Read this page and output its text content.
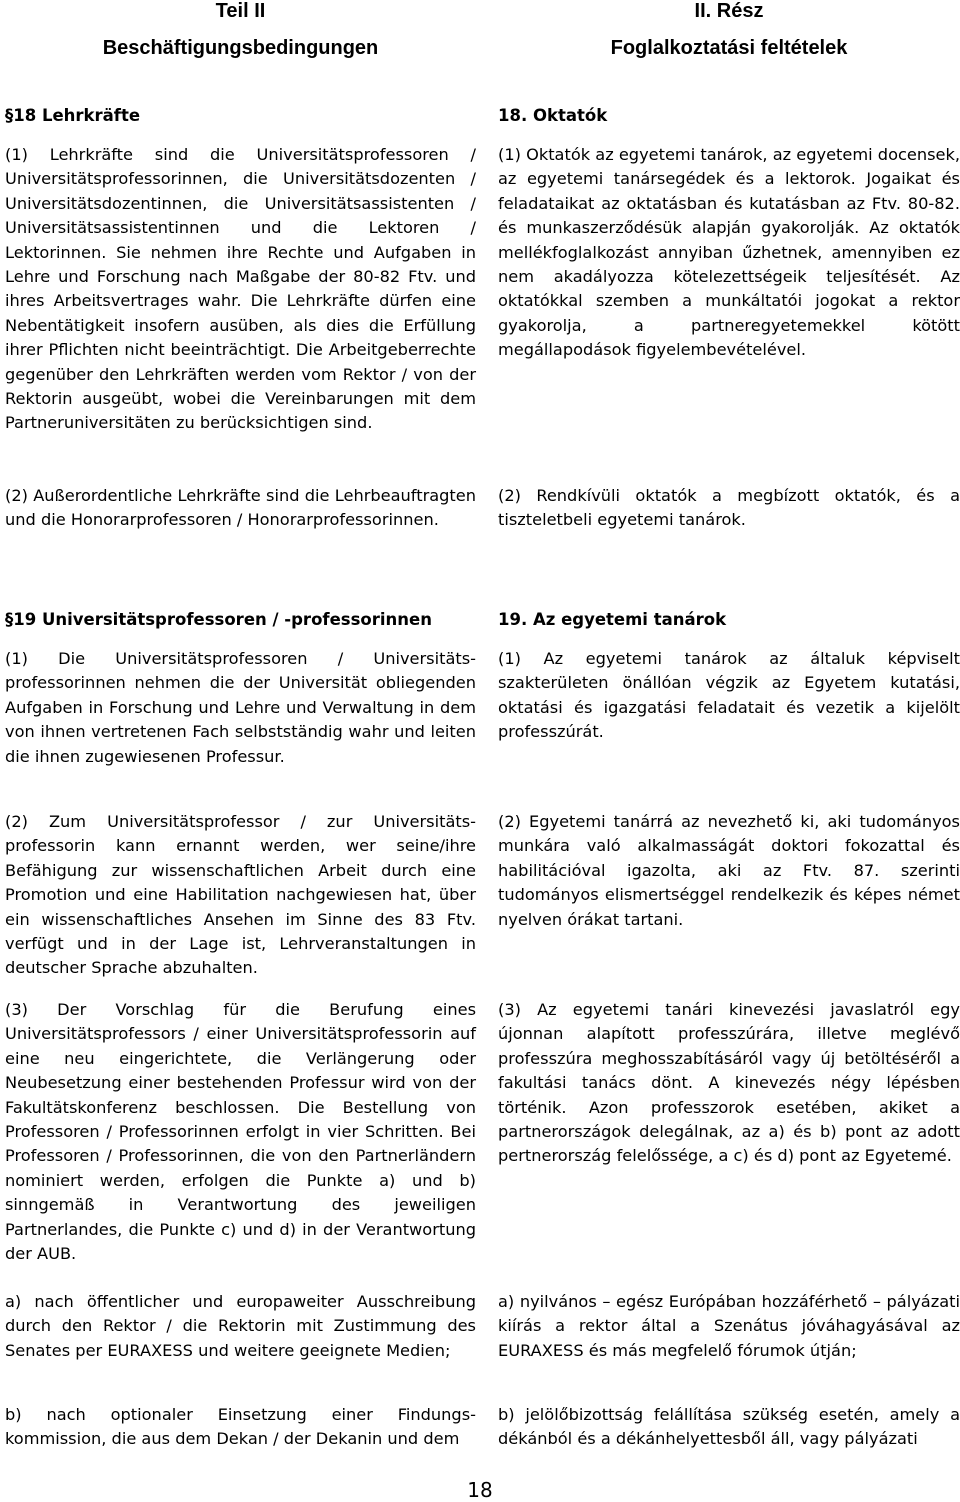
Teil II
Beschäftigungsbedingungen
II. Rész
Foglalkoztatási feltételek
§18 Lehrkräfte

(1) Lehrkräfte sind die Universitätsprofessoren / Universitätsprofessorinnen, die Universitätsdozenten / Universitätsdozentinnen, die Universitätsassistenten / Universitätsassistentinnen und die Lektoren / Lektorinnen. Sie nehmen ihre Rechte und Aufgaben in Lehre und Forschung nach Maßgabe der 80-82 Ftv. und ihres Arbeitsvertrages wahr. Die Lehrkräfte dürfen eine Nebentätigkeit insofern ausüben, als dies die Erfüllung ihrer Pflichten nicht beeinträchtigt. Die Arbeitgeberrechte gegenüber den Lehrkräften werden vom Rektor / von der Rektorin ausgeübt, wobei die Vereinbarungen mit dem Partneruniversitäten zu berücksichtigen sind.

(2) Außerordentliche Lehrkräfte sind die Lehrbeauftragten und die Honorarprofessoren / Honorarprofessorinnen.

18. Oktatók

(1) Oktatók az egyetemi tanárok, az egyetemi docensek, az egyetemi tanársegédek és a lektorok. Jogaikat és feladataikat az oktatásban és kutatásban az Ftv. 80-82. és munkaszerződésük alapján gyakorolják. Az oktatók mellékfoglalkozást annyiban űzhetnek, amennyiben ez nem akadályozza kötelezettségeik teljesítését. Az oktatókkal szemben a munkáltatói jogokat a rektor gyakorolja, a partneregyetemekkel kötött megállapodások figyelembevételével.

(2) Rendkívüli oktatók a megbízott oktatók, és a tiszteletbeli egyetemi tanárok.

§19 Universitätsprofessoren / -professorinnen

(1) Die Universitätsprofessoren / Universitäts-professorinnen nehmen die der Universität obliegenden Aufgaben in Forschung und Lehre und Verwaltung in dem von ihnen vertretenen Fach selbstständig wahr und leiten die ihnen zugewiesenen Professur.

(2) Zum Universitätsprofessor / zur Universitäts-professorin kann ernannt werden, wer seine/ihre Befähigung zur wissenschaftlichen Arbeit durch eine Promotion und eine Habilitation nachgewiesen hat, über ein wissenschaftliches Ansehen im Sinne des 83 Ftv. verfügt und in der Lage ist, Lehrveranstaltungen in deutscher Sprache abzuhalten.

(3) Der Vorschlag für die Berufung eines Universitätsprofessors / einer Universitätsprofessorin auf eine neu eingerichtete, die Verlängerung oder Neubesetzung einer bestehenden Professur wird von der Fakultätskonferenz beschlossen. Die Bestellung von Professoren / Professorinnen erfolgt in vier Schritten. Bei Professoren / Professorinnen, die von den Partnerländern nominiert werden, erfolgen die Punkte a) und b) sinngemäß in Verantwortung des jeweiligen Partnerlandes, die Punkte c) und d) in der Verantwortung der AUB.

a) nach öffentlicher und europaweiter Ausschreibung durch den Rektor / die Rektorin mit Zustimmung des Senates per EURAXESS und weitere geeignete Medien;

b) nach optionaler Einsetzung einer Findungs-kommission, die aus dem Dekan / der Dekanin und dem

19. Az egyetemi tanárok

(1) Az egyetemi tanárok az általuk képviselt szakterületen önállóan végzik az Egyetem kutatási, oktatási és igazgatási feladatait és vezetik a kijelölt professzúrát.

(2) Egyetemi tanárrá az nevezhető ki, aki tudományos munkára való alkalmasságát doktori fokozattal és habilitációval igazolta, aki az Ftv. 87. szerinti tudományos elismertséggel rendelkezik és képes német nyelven órákat tartani.

(3) Az egyetemi tanári kinevezési javaslatról egy újonnan alapított professzúrára, illetve meglévő professzúra meghosszabításáról vagy új betöltéséről a fakultási tanács dönt. A kinevezés négy lépésben történik. Azon professzorok esetében, akiket a partnerországok delegálnak, az a) és b) pont az adott pertnerország felelőssége, a c) és d) pont az Egyetemé.

a) nyilvános – egész Európában hozzáférhető – pályázati kiírás a rektor által a Szenátus jóváhagyásával az EURAXESS és más megfelelő fórumok útján;

b) jelölőbizottság felállítása szükség esetén, amely a dékánból és a dékánhelyettesből áll, vagy pályázati

18
